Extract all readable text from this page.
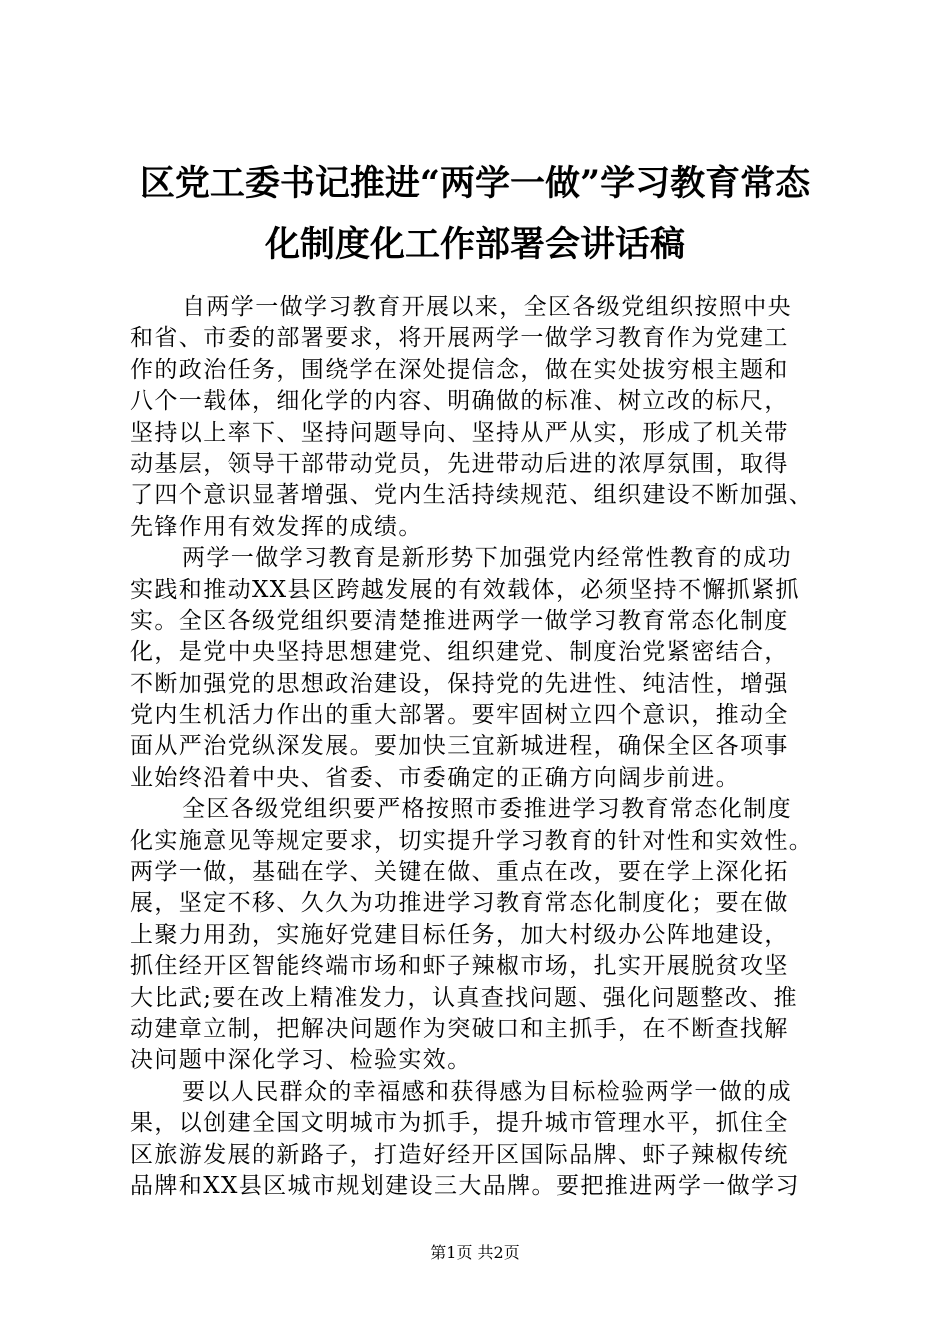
区党工委书记推进“两学一做”学习教育常态
化制度化工作部署会讲话稿
自两学一做学习教育开展以来，全区各级党组织按照中央
和省、市委的部署要求，将开展两学一做学习教育作为党建工
作的政治任务，围绕学在深处提信念，做在实处拔穷根主题和
八个一载体，细化学的内容、明确做的标准、树立改的标尺，
坚持以上率下、坚持问题导向、坚持从严从实，形成了机关带
动基层，领导干部带动党员，先进带动后进的浓厚氛围，取得
了四个意识显著增强、党内生活持续规范、组织建设不断加强、
先锋作用有效发挥的成绩。
两学一做学习教育是新形势下加强党内经常性教育的成功
实践和推动XX县区跨越发展的有效载体，必须坚持不懈抓紧抓
实。全区各级党组织要清楚推进两学一做学习教育常态化制度
化，是党中央坚持思想建党、组织建党、制度治党紧密结合，
不断加强党的思想政治建设，保持党的先进性、纯洁性，增强
党内生机活力作出的重大部署。要牢固树立四个意识，推动全
面从严治党纵深发展。要加快三宜新城进程，确保全区各项事
业始终沿着中央、省委、市委确定的正确方向阔步前进。
全区各级党组织要严格按照市委推进学习教育常态化制度
化实施意见等规定要求，切实提升学习教育的针对性和实效性。
两学一做，基础在学、关键在做、重点在改，要在学上深化拓
展，坚定不移、久久为功推进学习教育常态化制度化；要在做
上聚力用劲，实施好党建目标任务，加大村级办公阵地建设，
抓住经开区智能终端市场和虾子辣椒市场，扎实开展脱贫攻坚
大比武;要在改上精准发力，认真查找问题、强化问题整改、推
动建章立制，把解决问题作为突破口和主抓手，在不断查找解
决问题中深化学习、检验实效。
要以人民群众的幸福感和获得感为目标检验两学一做的成
果，以创建全国文明城市为抓手，提升城市管理水平，抓住全
区旅游发展的新路子，打造好经开区国际品牌、虾子辣椒传统
品牌和XX县区城市规划建设三大品牌。要把推进两学一做学习
第1页 共2页
